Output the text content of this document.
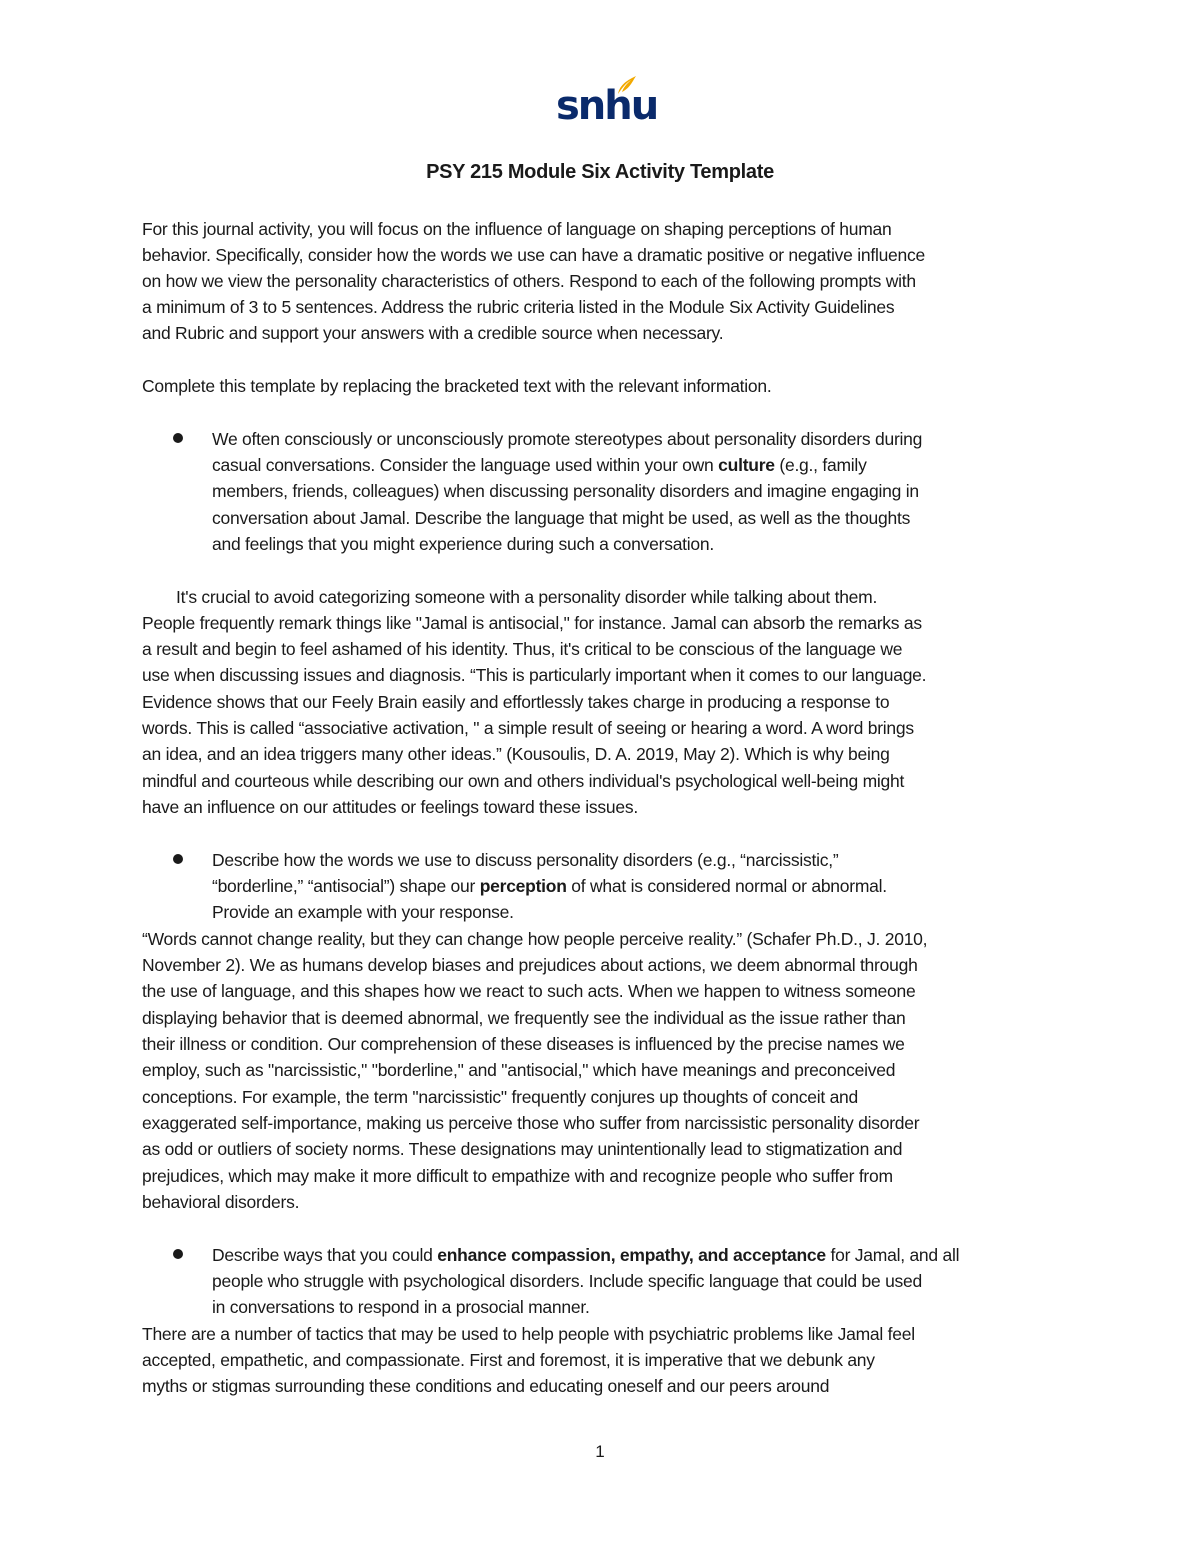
snhu
PSY 215 Module Six Activity Template

For this journal activity, you will focus on the influence of language on shaping perceptions of human

behavior. Specifically, consider how the words we use can have a dramatic positive or negative influence

on how we view the personality characteristics of others. Respond to each of the following prompts with

a minimum of 3 to 5 sentences. Address the rubric criteria listed in the Module Six Activity Guidelines

and Rubric and support your answers with a credible source when necessary.

Complete this template by replacing the bracketed text with the relevant information.

We often consciously or unconsciously promote stereotypes about personality disorders during

casual conversations. Consider the language used within your own culture (e.g., family

members, friends, colleagues) when discussing personality disorders and imagine engaging in

conversation about Jamal. Describe the language that might be used, as well as the thoughts

and feelings that you might experience during such a conversation.

It's crucial to avoid categorizing someone with a personality disorder while talking about them.

People frequently remark things like "Jamal is antisocial," for instance. Jamal can absorb the remarks as

a result and begin to feel ashamed of his identity. Thus, it's critical to be conscious of the language we

use when discussing issues and diagnosis. “This is particularly important when it comes to our language.

Evidence shows that our Feely Brain easily and effortlessly takes charge in producing a response to

words. This is called “associative activation, " a simple result of seeing or hearing a word. A word brings

an idea, and an idea triggers many other ideas.” (Kousoulis, D. A. 2019, May 2). Which is why being

mindful and courteous while describing our own and others individual's psychological well-being might

have an influence on our attitudes or feelings toward these issues.

Describe how the words we use to discuss personality disorders (e.g., “narcissistic,”

“borderline,” “antisocial”) shape our perception of what is considered normal or abnormal.

Provide an example with your response.

“Words cannot change reality, but they can change how people perceive reality.” (Schafer Ph.D., J. 2010,

November 2). We as humans develop biases and prejudices about actions, we deem abnormal through

the use of language, and this shapes how we react to such acts. When we happen to witness someone

displaying behavior that is deemed abnormal, we frequently see the individual as the issue rather than

their illness or condition. Our comprehension of these diseases is influenced by the precise names we

employ, such as "narcissistic," "borderline," and "antisocial," which have meanings and preconceived

conceptions. For example, the term "narcissistic" frequently conjures up thoughts of conceit and

exaggerated self-importance, making us perceive those who suffer from narcissistic personality disorder

as odd or outliers of society norms. These designations may unintentionally lead to stigmatization and

prejudices, which may make it more difficult to empathize with and recognize people who suffer from

behavioral disorders.

Describe ways that you could enhance compassion, empathy, and acceptance for Jamal, and all

people who struggle with psychological disorders. Include specific language that could be used

in conversations to respond in a prosocial manner.

There are a number of tactics that may be used to help people with psychiatric problems like Jamal feel

accepted, empathetic, and compassionate. First and foremost, it is imperative that we debunk any

myths or stigmas surrounding these conditions and educating oneself and our peers around

1
